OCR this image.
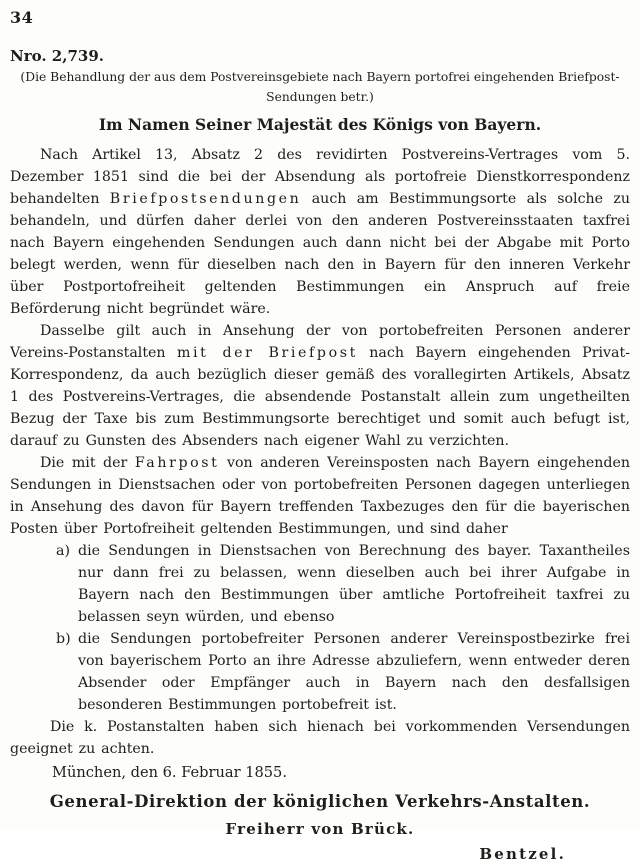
34
Nro. 2,739.
(Die Behandlung der aus dem Postvereinsgebiete nach Bayern portofrei eingehenden Briefpost-
Sendungen betr.)
Im Namen Seiner Majestät des Königs von Bayern.

Nach Artikel 13, Absatz 2 des revidirten Postvereins-Vertrages vom 5. Dezember 1851 sind die bei der Absendung als portofreie Dienstkorrespondenz behandelten Briefpostsendungen auch am Bestimmungsorte als solche zu behandeln, und dürfen daher derlei von den anderen Postvereinsstaaten taxfrei nach Bayern eingehenden Sendungen auch dann nicht bei der Abgabe mit Porto belegt werden, wenn für dieselben nach den in Bayern für den inneren Verkehr über Postportofreiheit geltenden Bestimmungen ein Anspruch auf freie Beförderung nicht begründet wäre.

Dasselbe gilt auch in Ansehung der von portobefreiten Personen anderer Vereins-Postanstalten mit der Briefpost nach Bayern eingehenden Privat-Korrespondenz, da auch bezüglich dieser gemäß des vorallegirten Artikels, Absatz 1 des Postvereins-Vertrages, die absendende Postanstalt allein zum ungetheilten Bezug der Taxe bis zum Bestimmungsorte berechtiget und somit auch befugt ist, darauf zu Gunsten des Absenders nach eigener Wahl zu verzichten.

Die mit der Fahrpost von anderen Vereinsposten nach Bayern eingehenden Sendungen in Dienstsachen oder von portobefreiten Personen dagegen unterliegen in Ansehung des davon für Bayern treffenden Taxbezuges den für die bayerischen Posten über Portofreiheit geltenden Bestimmungen, und sind daher

a) die Sendungen in Dienstsachen von Berechnung des bayer. Taxantheiles nur dann frei zu belassen, wenn dieselben auch bei ihrer Aufgabe in Bayern nach den Bestimmungen über amtliche Portofreiheit taxfrei zu belassen seyn würden, und ebenso
b) die Sendungen portobefreiter Personen anderer Vereinspostbezirke frei von bayerischem Porto an ihre Adresse abzuliefern, wenn entweder deren Absender oder Empfänger auch in Bayern nach den desfallsigen besonderen Bestimmungen portobefreit ist.

Die k. Postanstalten haben sich hienach bei vorkommenden Versendungen geeignet zu achten.

München, den 6. Februar 1855.

General-Direktion der königlichen Verkehrs-Anstalten.
Freiherr von Brück.
Bentzel.
